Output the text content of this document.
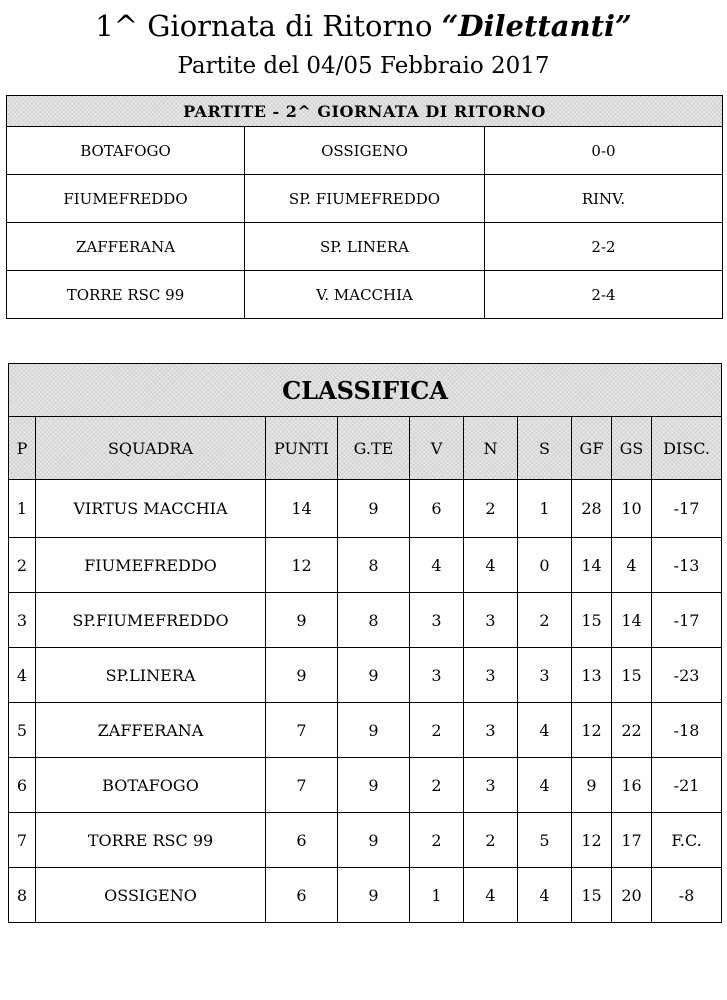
1^ Giornata di Ritorno “Dilettanti”
Partite del 04/05 Febbraio 2017
PARTITE - 2^ GIORNATA DI RITORNO		
BOTAFOGO	OSSIGENO	0-0
FIUMEFREDDO	SP. FIUMEFREDDO	RINV.
ZAFFERANA	SP. LINERA	2-2
TORRE RSC 99	V. MACCHIA	2-4
CLASSIFICA									
P	SQUADRA	PUNTI	G.TE	V	N	S	GF	GS	DISC.
1	VIRTUS MACCHIA	14	9	6	2	1	28	10	-17
2	FIUMEFREDDO	12	8	4	4	0	14	4	-13
3	SP.FIUMEFREDDO	9	8	3	3	2	15	14	-17
4	SP.LINERA	9	9	3	3	3	13	15	-23
5	ZAFFERANA	7	9	2	3	4	12	22	-18
6	BOTAFOGO	7	9	2	3	4	9	16	-21
7	TORRE RSC 99	6	9	2	2	5	12	17	F.C.
8	OSSIGENO	6	9	1	4	4	15	20	-8
